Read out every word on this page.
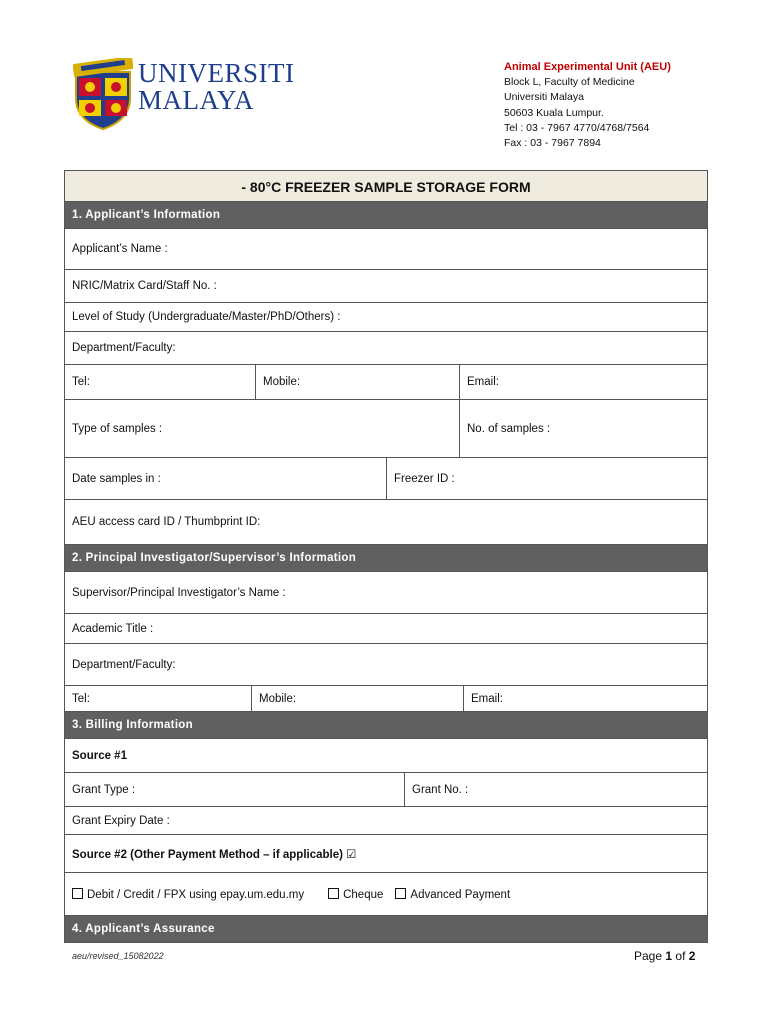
UNIVERSITI
MALAYA
Animal Experimental Unit (AEU)
Block L, Faculty of Medicine
Universiti Malaya
50603 Kuala Lumpur.
Tel : 03 - 7967 4770/4768/7564
Fax : 03 - 7967 7894
- 80°C FREEZER SAMPLE STORAGE FORM
1. Applicant’s Information
Applicant’s Name :
NRIC/Matrix Card/Staff No. :
Level of Study (Undergraduate/Master/PhD/Others) :
Department/Faculty:
Tel:	Mobile:	Email:
Type of samples :	No. of samples :
Date samples in :	Freezer ID :
AEU access card ID / Thumbprint ID:
2. Principal Investigator/Supervisor’s Information
Supervisor/Principal Investigator’s Name :
Academic Title :
Department/Faculty:
Tel:	Mobile:	Email:
3. Billing Information
Source #1
Grant Type :	Grant No. :
Grant Expiry Date :
Source #2 (Other Payment Method – if applicable) ☑
Debit / Credit / FPX using epay.um.edu.my	Cheque	Advanced Payment
4. Applicant’s Assurance
aeu/revised_15082022	Page 1 of 2
